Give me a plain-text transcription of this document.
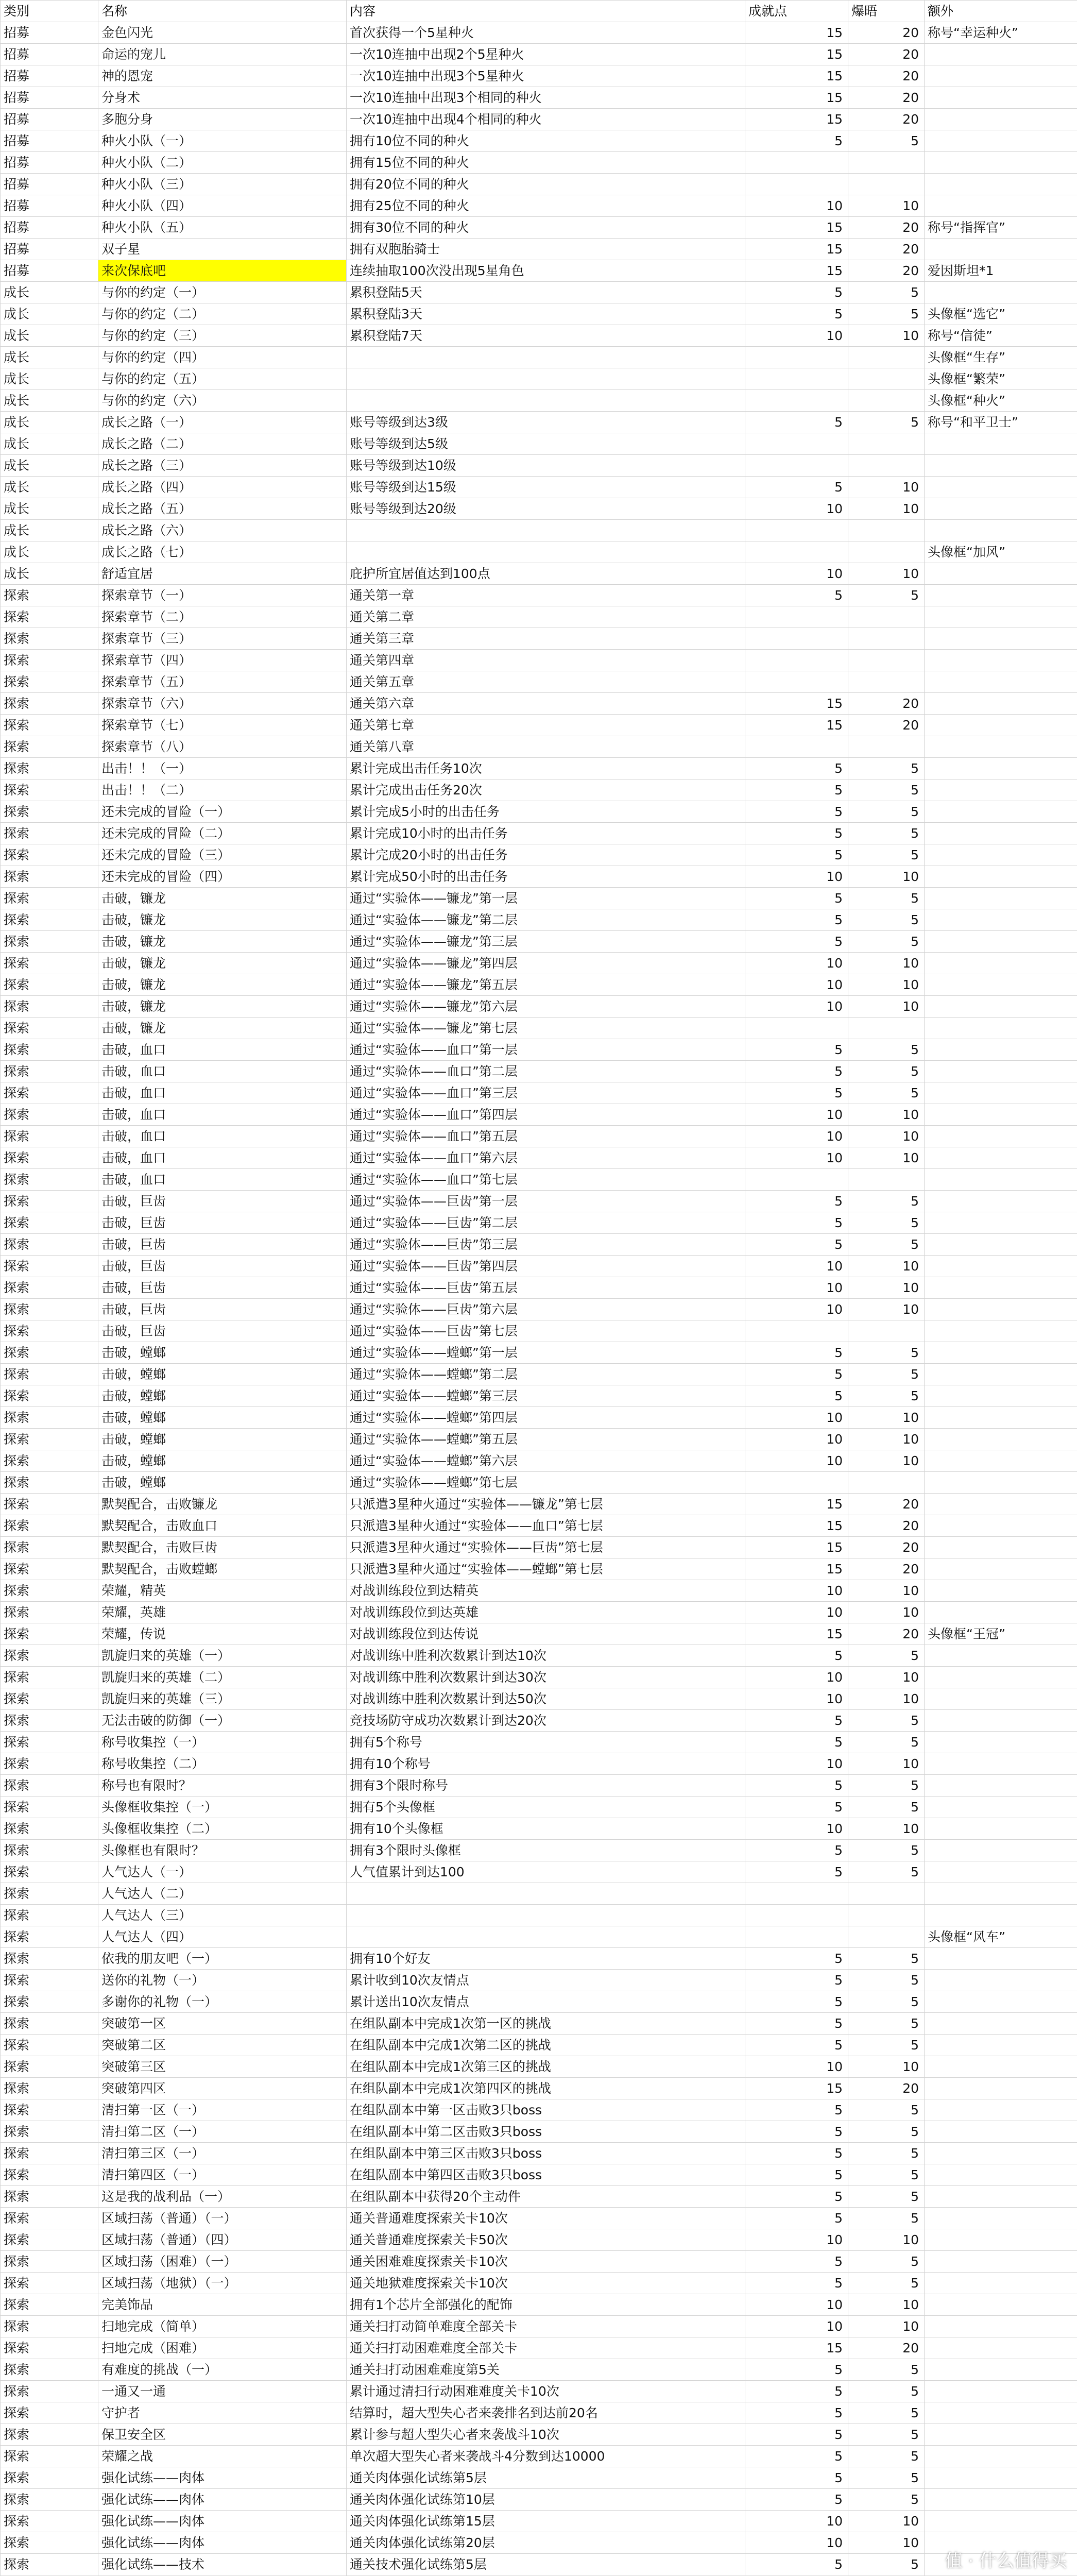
类别	名称	内容	成就点	爆晤	额外
招募	金色闪光	首次获得一个5星种火	15	20	称号“幸运种火”
招募	命运的宠儿	一次10连抽中出现2个5星种火	15	20	
招募	神的恩宠	一次10连抽中出现3个5星种火	15	20	
招募	分身术	一次10连抽中出现3个相同的种火	15	20	
招募	多胞分身	一次10连抽中出现4个相同的种火	15	20	
招募	种火小队（一）	拥有10位不同的种火	5	5	
招募	种火小队（二）	拥有15位不同的种火			
招募	种火小队（三）	拥有20位不同的种火			
招募	种火小队（四）	拥有25位不同的种火	10	10	
招募	种火小队（五）	拥有30位不同的种火	15	20	称号“指挥官”
招募	双子星	拥有双胞胎骑士	15	20	
招募	来次保底吧	连续抽取100次没出现5星角色	15	20	爱因斯坦*1
成长	与你的约定（一）	累积登陆5天	5	5	
成长	与你的约定（二）	累积登陆3天	5	5	头像框“选它”
成长	与你的约定（三）	累积登陆7天	10	10	称号“信徒”
成长	与你的约定（四）				头像框“生存”
成长	与你的约定（五）				头像框“繁荣”
成长	与你的约定（六）				头像框“种火”
成长	成长之路（一）	账号等级到达3级	5	5	称号“和平卫士”
成长	成长之路（二）	账号等级到达5级			
成长	成长之路（三）	账号等级到达10级			
成长	成长之路（四）	账号等级到达15级	5	10	
成长	成长之路（五）	账号等级到达20级	10	10	
成长	成长之路（六）				
成长	成长之路（七）				头像框“加风”
成长	舒适宜居	庇护所宜居值达到100点	10	10	
探索	探索章节（一）	通关第一章	5	5	
探索	探索章节（二）	通关第二章			
探索	探索章节（三）	通关第三章			
探索	探索章节（四）	通关第四章			
探索	探索章节（五）	通关第五章			
探索	探索章节（六）	通关第六章	15	20	
探索	探索章节（七）	通关第七章	15	20	
探索	探索章节（八）	通关第八章			
探索	出击！！（一）	累计完成出击任务10次	5	5	
探索	出击！！（二）	累计完成出击任务20次	5	5	
探索	还未完成的冒险（一）	累计完成5小时的出击任务	5	5	
探索	还未完成的冒险（二）	累计完成10小时的出击任务	5	5	
探索	还未完成的冒险（三）	累计完成20小时的出击任务	5	5	
探索	还未完成的冒险（四）	累计完成50小时的出击任务	10	10	
探索	击破，镰龙	通过“实验体——镰龙”第一层	5	5	
探索	击破，镰龙	通过“实验体——镰龙”第二层	5	5	
探索	击破，镰龙	通过“实验体——镰龙”第三层	5	5	
探索	击破，镰龙	通过“实验体——镰龙”第四层	10	10	
探索	击破，镰龙	通过“实验体——镰龙”第五层	10	10	
探索	击破，镰龙	通过“实验体——镰龙”第六层	10	10	
探索	击破，镰龙	通过“实验体——镰龙”第七层			
探索	击破，血口	通过“实验体——血口”第一层	5	5	
探索	击破，血口	通过“实验体——血口”第二层	5	5	
探索	击破，血口	通过“实验体——血口”第三层	5	5	
探索	击破，血口	通过“实验体——血口”第四层	10	10	
探索	击破，血口	通过“实验体——血口”第五层	10	10	
探索	击破，血口	通过“实验体——血口”第六层	10	10	
探索	击破，血口	通过“实验体——血口”第七层			
探索	击破，巨齿	通过“实验体——巨齿”第一层	5	5	
探索	击破，巨齿	通过“实验体——巨齿”第二层	5	5	
探索	击破，巨齿	通过“实验体——巨齿”第三层	5	5	
探索	击破，巨齿	通过“实验体——巨齿”第四层	10	10	
探索	击破，巨齿	通过“实验体——巨齿”第五层	10	10	
探索	击破，巨齿	通过“实验体——巨齿”第六层	10	10	
探索	击破，巨齿	通过“实验体——巨齿”第七层			
探索	击破，螳螂	通过“实验体——螳螂”第一层	5	5	
探索	击破，螳螂	通过“实验体——螳螂”第二层	5	5	
探索	击破，螳螂	通过“实验体——螳螂”第三层	5	5	
探索	击破，螳螂	通过“实验体——螳螂”第四层	10	10	
探索	击破，螳螂	通过“实验体——螳螂”第五层	10	10	
探索	击破，螳螂	通过“实验体——螳螂”第六层	10	10	
探索	击破，螳螂	通过“实验体——螳螂”第七层			
探索	默契配合，击败镰龙	只派遣3星种火通过“实验体——镰龙”第七层	15	20	
探索	默契配合，击败血口	只派遣3星种火通过“实验体——血口”第七层	15	20	
探索	默契配合，击败巨齿	只派遣3星种火通过“实验体——巨齿”第七层	15	20	
探索	默契配合，击败螳螂	只派遣3星种火通过“实验体——螳螂”第七层	15	20	
探索	荣耀，精英	对战训练段位到达精英	10	10	
探索	荣耀，英雄	对战训练段位到达英雄	10	10	
探索	荣耀，传说	对战训练段位到达传说	15	20	头像框“王冠”
探索	凯旋归来的英雄（一）	对战训练中胜利次数累计到达10次	5	5	
探索	凯旋归来的英雄（二）	对战训练中胜利次数累计到达30次	10	10	
探索	凯旋归来的英雄（三）	对战训练中胜利次数累计到达50次	10	10	
探索	无法击破的防御（一）	竞技场防守成功次数累计到达20次	5	5	
探索	称号收集控（一）	拥有5个称号	5	5	
探索	称号收集控（二）	拥有10个称号	10	10	
探索	称号也有限时？	拥有3个限时称号	5	5	
探索	头像框收集控（一）	拥有5个头像框	5	5	
探索	头像框收集控（二）	拥有10个头像框	10	10	
探索	头像框也有限时？	拥有3个限时头像框	5	5	
探索	人气达人（一）	人气值累计到达100	5	5	
探索	人气达人（二）				
探索	人气达人（三）				
探索	人气达人（四）				头像框“风车”
探索	依我的朋友吧（一）	拥有10个好友	5	5	
探索	送你的礼物（一）	累计收到10次友情点	5	5	
探索	多谢你的礼物（一）	累计送出10次友情点	5	5	
探索	突破第一区	在组队副本中完成1次第一区的挑战	5	5	
探索	突破第二区	在组队副本中完成1次第二区的挑战	5	5	
探索	突破第三区	在组队副本中完成1次第三区的挑战	10	10	
探索	突破第四区	在组队副本中完成1次第四区的挑战	15	20	
探索	清扫第一区（一）	在组队副本中第一区击败3只boss	5	5	
探索	清扫第二区（一）	在组队副本中第二区击败3只boss	5	5	
探索	清扫第三区（一）	在组队副本中第三区击败3只boss	5	5	
探索	清扫第四区（一）	在组队副本中第四区击败3只boss	5	5	
探索	这是我的战利品（一）	在组队副本中获得20个主动件	5	5	
探索	区域扫荡（普通）（一）	通关普通难度探索关卡10次	5	5	
探索	区域扫荡（普通）（四）	通关普通难度探索关卡50次	10	10	
探索	区域扫荡（困难）（一）	通关困难难度探索关卡10次	5	5	
探索	区域扫荡（地狱）（一）	通关地狱难度探索关卡10次	5	5	
探索	完美饰品	拥有1个芯片全部强化的配饰	10	10	
探索	扫地完成（简单）	通关扫打动简单难度全部关卡	10	10	
探索	扫地完成（困难）	通关扫打动困难难度全部关卡	15	20	
探索	有难度的挑战（一）	通关扫打动困难难度第5关	5	5	
探索	一通又一通	累计通过清扫行动困难难度关卡10次	5	5	
探索	守护者	结算时，超大型失心者来袭排名到达前20名	5	5	
探索	保卫安全区	累计参与超大型失心者来袭战斗10次	5	5	
探索	荣耀之战	单次超大型失心者来袭战斗4分数到达10000	5	5	
探索	强化试练——肉体	通关肉体强化试练第5层	5	5	
探索	强化试练——肉体	通关肉体强化试练第10层	5	5	
探索	强化试练——肉体	通关肉体强化试练第15层	10	10	
探索	强化试练——肉体	通关肉体强化试练第20层	10	10	
探索	强化试练——技术	通关技术强化试练第5层	5	5	

					值 · 什么值得买
